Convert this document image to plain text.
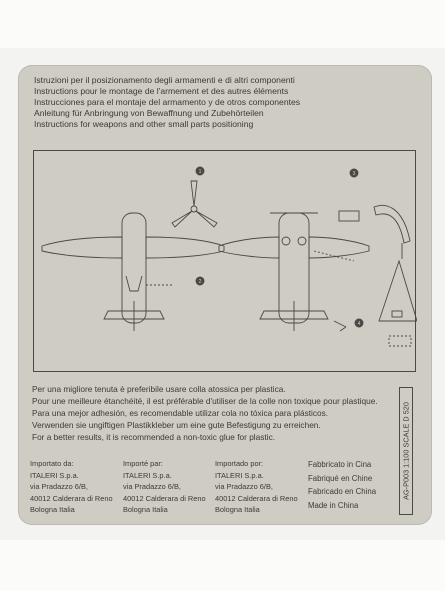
Istruzioni per il posizionamento degli armamenti e di altri componenti
Instructions pour le montage de l'armement et des autres éléments
Instrucciones para el montaje del armamento y de otros componentes
Anleitung für Anbringung von Bewaffnung und Zubehörteilen
Instructions for weapons and other small parts positioning
1
2
3
4
Per una migliore tenuta è preferibile usare colla atossica per plastica.
Pour une meilleure étanchéité, il est préférable d'utiliser de la colle non toxique pour plastique.
Para una mejor adhesión, es recomendable utilizar cola no tóxica para plásticos.
Verwenden sie ungiftigen Plastikkleber um eine gute Befestigung zu erreichen.
For a better results, it is recommended a non-toxic glue for plastic.
Importato da:
ITALERI S.p.a.
via Pradazzo 6/B,
40012 Calderara di Reno
Bologna Italia
Importé par:
ITALERI S.p.a.
via Pradazzo 6/B,
40012 Calderara di Reno
Bologna Italia
Importado por:
ITALERI S.p.a.
via Pradazzo 6/B,
40012 Calderara di Reno
Bologna Italia
Fabbricato in Cina
Fabriqué en Chine
Fabricado en China
Made in China
AG-P003 1:100 SCALE D 520
